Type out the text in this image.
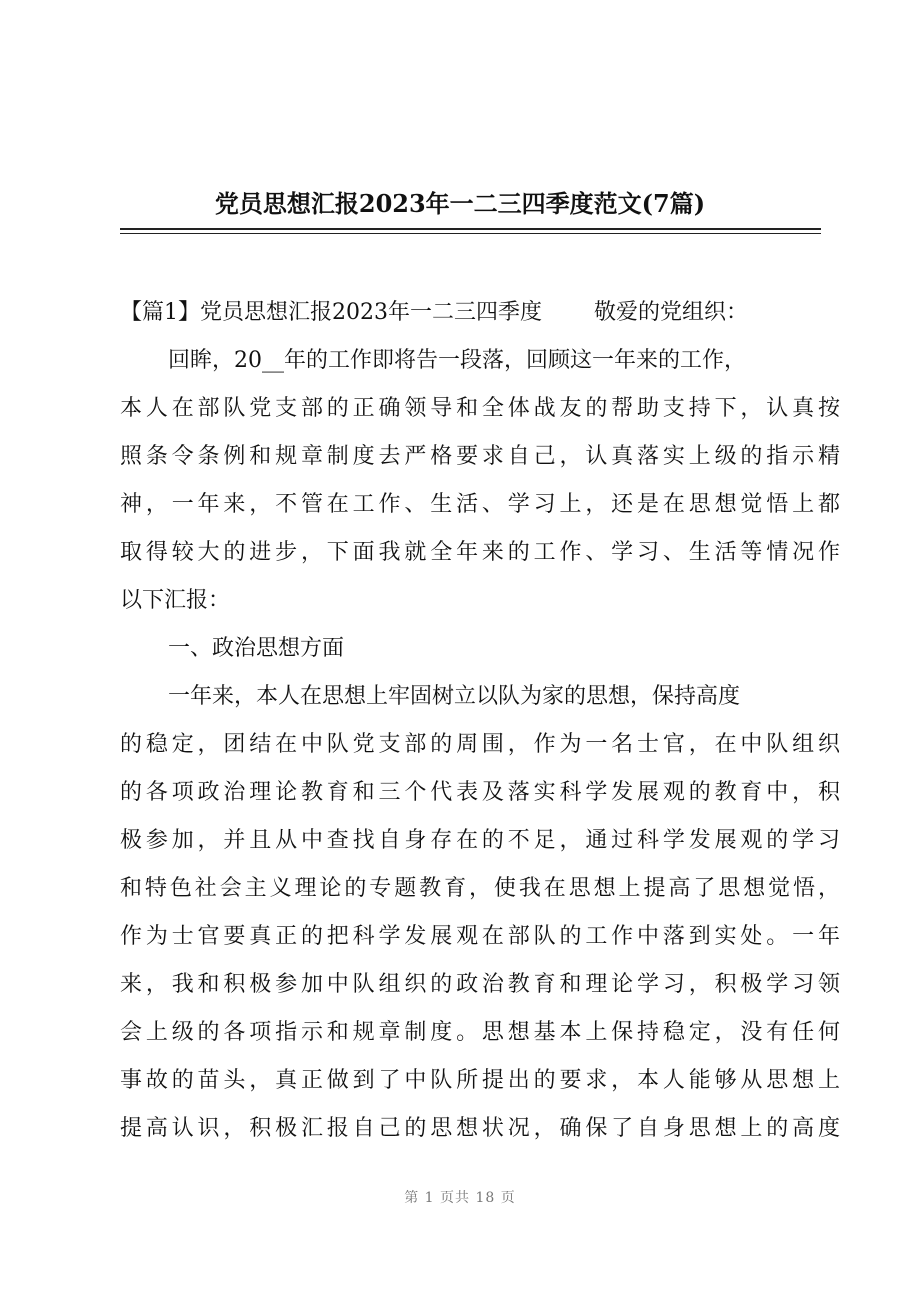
党员思想汇报2023年一二三四季度范文(7篇)
【篇1】党员思想汇报2023年一二三四季度 敬爱的党组织：
回眸，20__年的工作即将告一段落，回顾这一年来的工作，
本人在部队党支部的正确领导和全体战友的帮助支持下，认真按
照条令条例和规章制度去严格要求自己，认真落实上级的指示精
神，一年来，不管在工作、生活、学习上，还是在思想觉悟上都
取得较大的进步，下面我就全年来的工作、学习、生活等情况作
以下汇报：
一、政治思想方面
一年来，本人在思想上牢固树立以队为家的思想，保持高度
的稳定，团结在中队党支部的周围，作为一名士官，在中队组织
的各项政治理论教育和三个代表及落实科学发展观的教育中，积
极参加，并且从中查找自身存在的不足，通过科学发展观的学习
和特色社会主义理论的专题教育，使我在思想上提高了思想觉悟，
作为士官要真正的把科学发展观在部队的工作中落到实处。一年
来，我和积极参加中队组织的政治教育和理论学习，积极学习领
会上级的各项指示和规章制度。思想基本上保持稳定，没有任何
事故的苗头，真正做到了中队所提出的要求，本人能够从思想上
提高认识，积极汇报自己的思想状况，确保了自身思想上的高度
第 1 页共 18 页
